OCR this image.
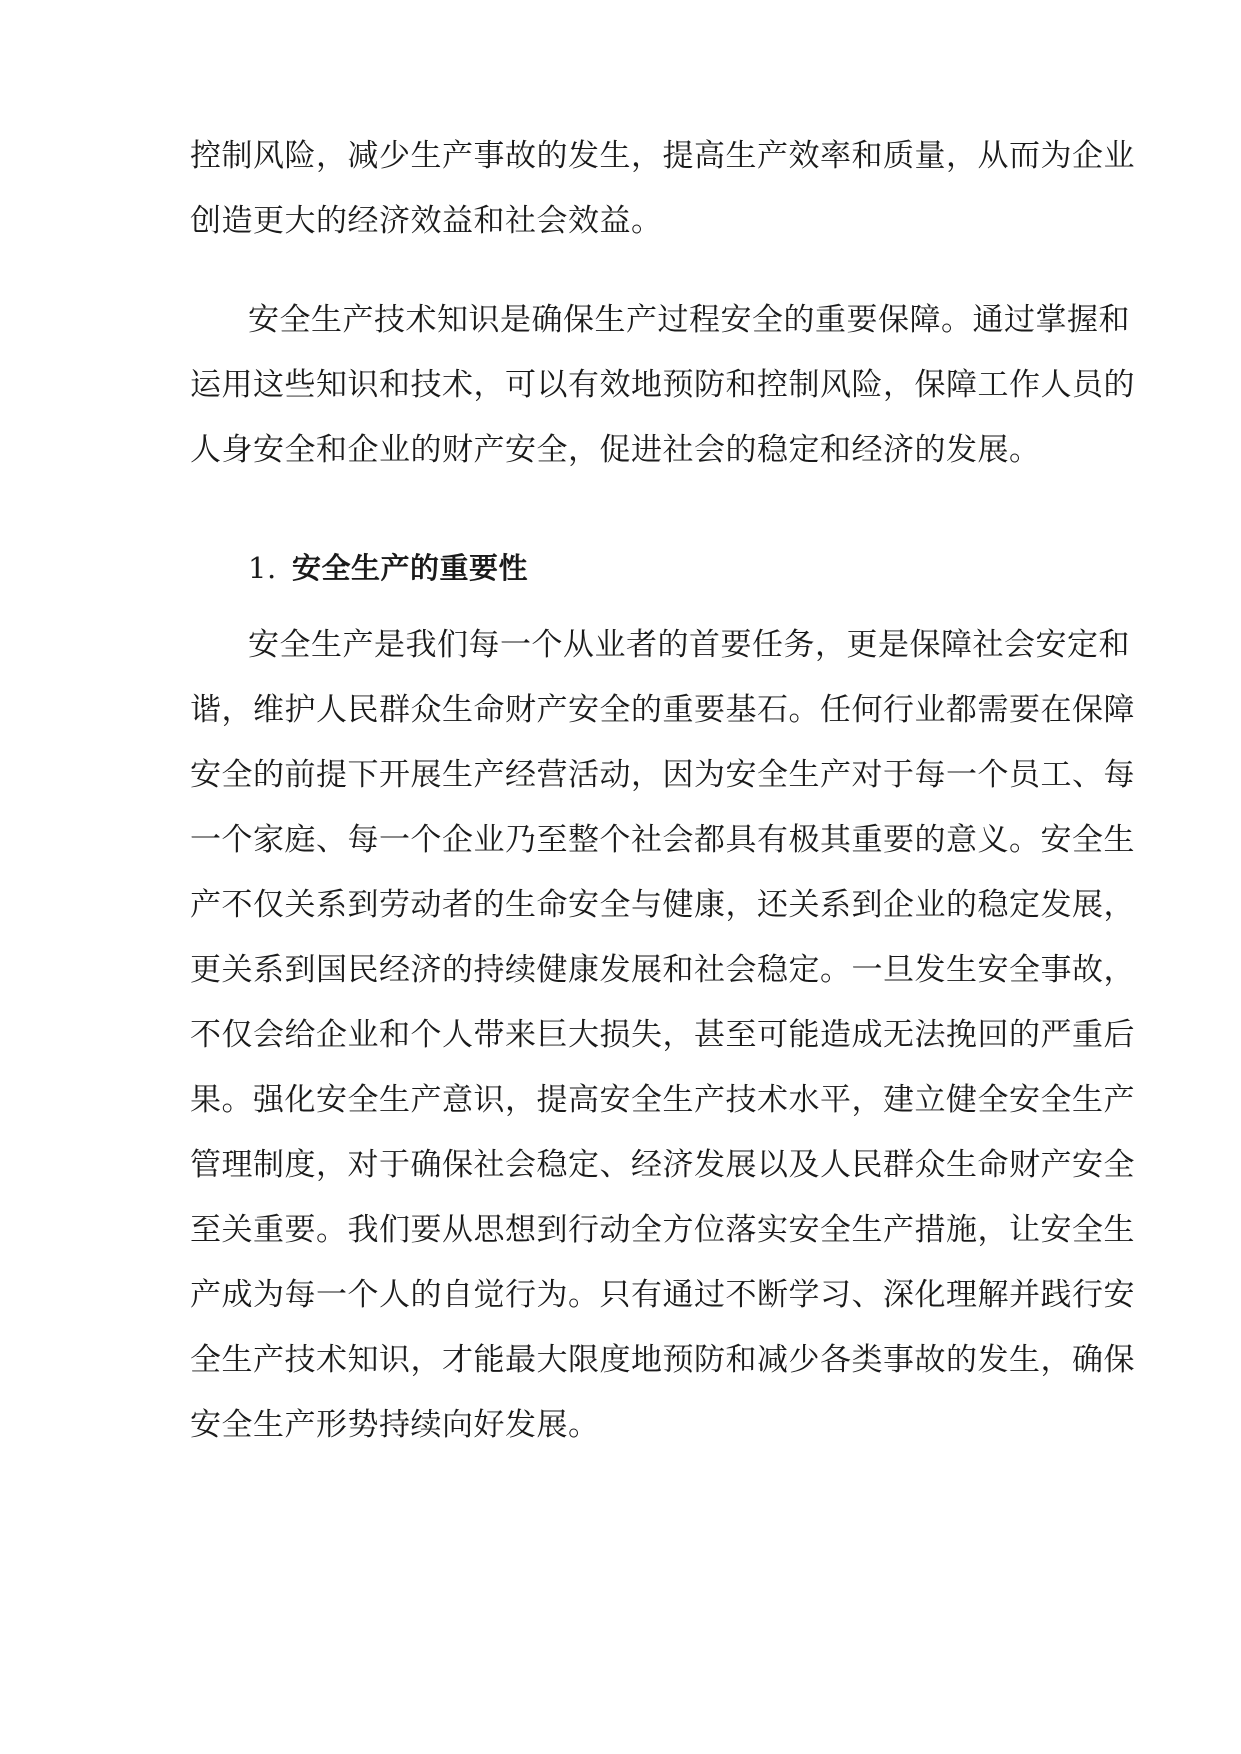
控制风险，减少生产事故的发生，提高生产效率和质量，从而为企业
创造更大的经济效益和社会效益。
安全生产技术知识是确保生产过程安全的重要保障。通过掌握和
运用这些知识和技术，可以有效地预防和控制风险，保障工作人员的
人身安全和企业的财产安全，促进社会的稳定和经济的发展。
1. 安全生产的重要性
安全生产是我们每一个从业者的首要任务，更是保障社会安定和
谐，维护人民群众生命财产安全的重要基石。任何行业都需要在保障
安全的前提下开展生产经营活动，因为安全生产对于每一个员工、每
一个家庭、每一个企业乃至整个社会都具有极其重要的意义。安全生
产不仅关系到劳动者的生命安全与健康，还关系到企业的稳定发展，
更关系到国民经济的持续健康发展和社会稳定。一旦发生安全事故，
不仅会给企业和个人带来巨大损失，甚至可能造成无法挽回的严重后
果。强化安全生产意识，提高安全生产技术水平，建立健全安全生产
管理制度，对于确保社会稳定、经济发展以及人民群众生命财产安全
至关重要。我们要从思想到行动全方位落实安全生产措施，让安全生
产成为每一个人的自觉行为。只有通过不断学习、深化理解并践行安
全生产技术知识，才能最大限度地预防和减少各类事故的发生，确保
安全生产形势持续向好发展。
